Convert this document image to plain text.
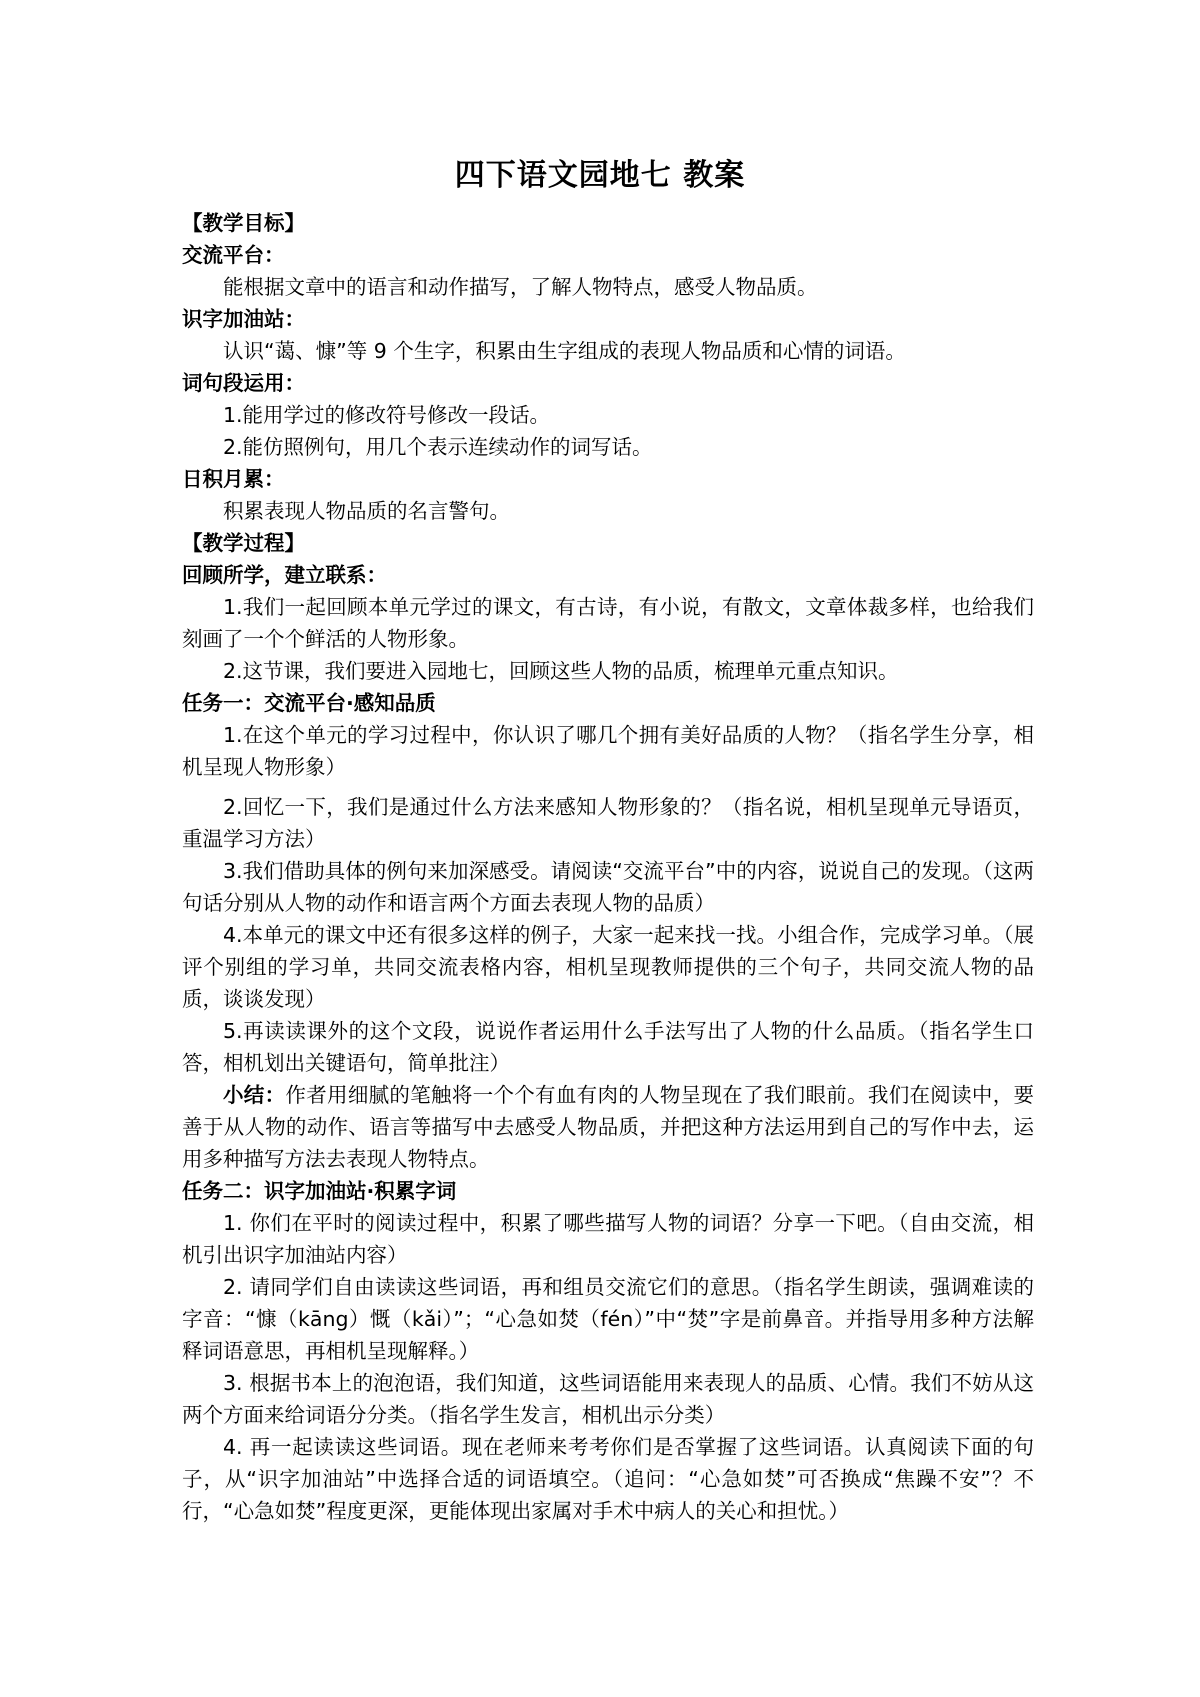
四下语文园地七 教案
【教学目标】
交流平台：

能根据文章中的语言和动作描写，了解人物特点，感受人物品质。

识字加油站：

认识“蔼、慷”等 9 个生字，积累由生字组成的表现人物品质和心情的词语。

词句段运用：

1.能用学过的修改符号修改一段话。

2.能仿照例句，用几个表示连续动作的词写话。

日积月累：

积累表现人物品质的名言警句。

【教学过程】
回顾所学，建立联系：

1.我们一起回顾本单元学过的课文，有古诗，有小说，有散文，文章体裁多样，也给我们刻画了一个个鲜活的人物形象。

2.这节课，我们要进入园地七，回顾这些人物的品质，梳理单元重点知识。

任务一：交流平台·感知品质

1.在这个单元的学习过程中，你认识了哪几个拥有美好品质的人物？（指名学生分享，相机呈现人物形象）

2.回忆一下，我们是通过什么方法来感知人物形象的？（指名说，相机呈现单元导语页，重温学习方法）

3.我们借助具体的例句来加深感受。请阅读“交流平台”中的内容，说说自己的发现。（这两句话分别从人物的动作和语言两个方面去表现人物的品质）

4.本单元的课文中还有很多这样的例子，大家一起来找一找。小组合作，完成学习单。（展评个别组的学习单，共同交流表格内容，相机呈现教师提供的三个句子，共同交流人物的品质，谈谈发现）

5.再读读课外的这个文段，说说作者运用什么手法写出了人物的什么品质。（指名学生口答，相机划出关键语句，简单批注）

小结：作者用细腻的笔触将一个个有血有肉的人物呈现在了我们眼前。我们在阅读中，要善于从人物的动作、语言等描写中去感受人物品质，并把这种方法运用到自己的写作中去，运用多种描写方法去表现人物特点。

任务二：识字加油站·积累字词

1. 你们在平时的阅读过程中，积累了哪些描写人物的词语？分享一下吧。（自由交流，相机引出识字加油站内容）

2. 请同学们自由读读这些词语，再和组员交流它们的意思。（指名学生朗读，强调难读的字音：“慷（kāng）慨（kǎi）”；“心急如焚（fén）”中“焚”字是前鼻音。并指导用多种方法解释词语意思，再相机呈现解释。）

3. 根据书本上的泡泡语，我们知道，这些词语能用来表现人的品质、心情。我们不妨从这两个方面来给词语分分类。（指名学生发言，相机出示分类）

4. 再一起读读这些词语。现在老师来考考你们是否掌握了这些词语。认真阅读下面的句子，从“识字加油站”中选择合适的词语填空。（追问：“心急如焚”可否换成“焦躁不安”？不行，“心急如焚”程度更深，更能体现出家属对手术中病人的关心和担忧。）
